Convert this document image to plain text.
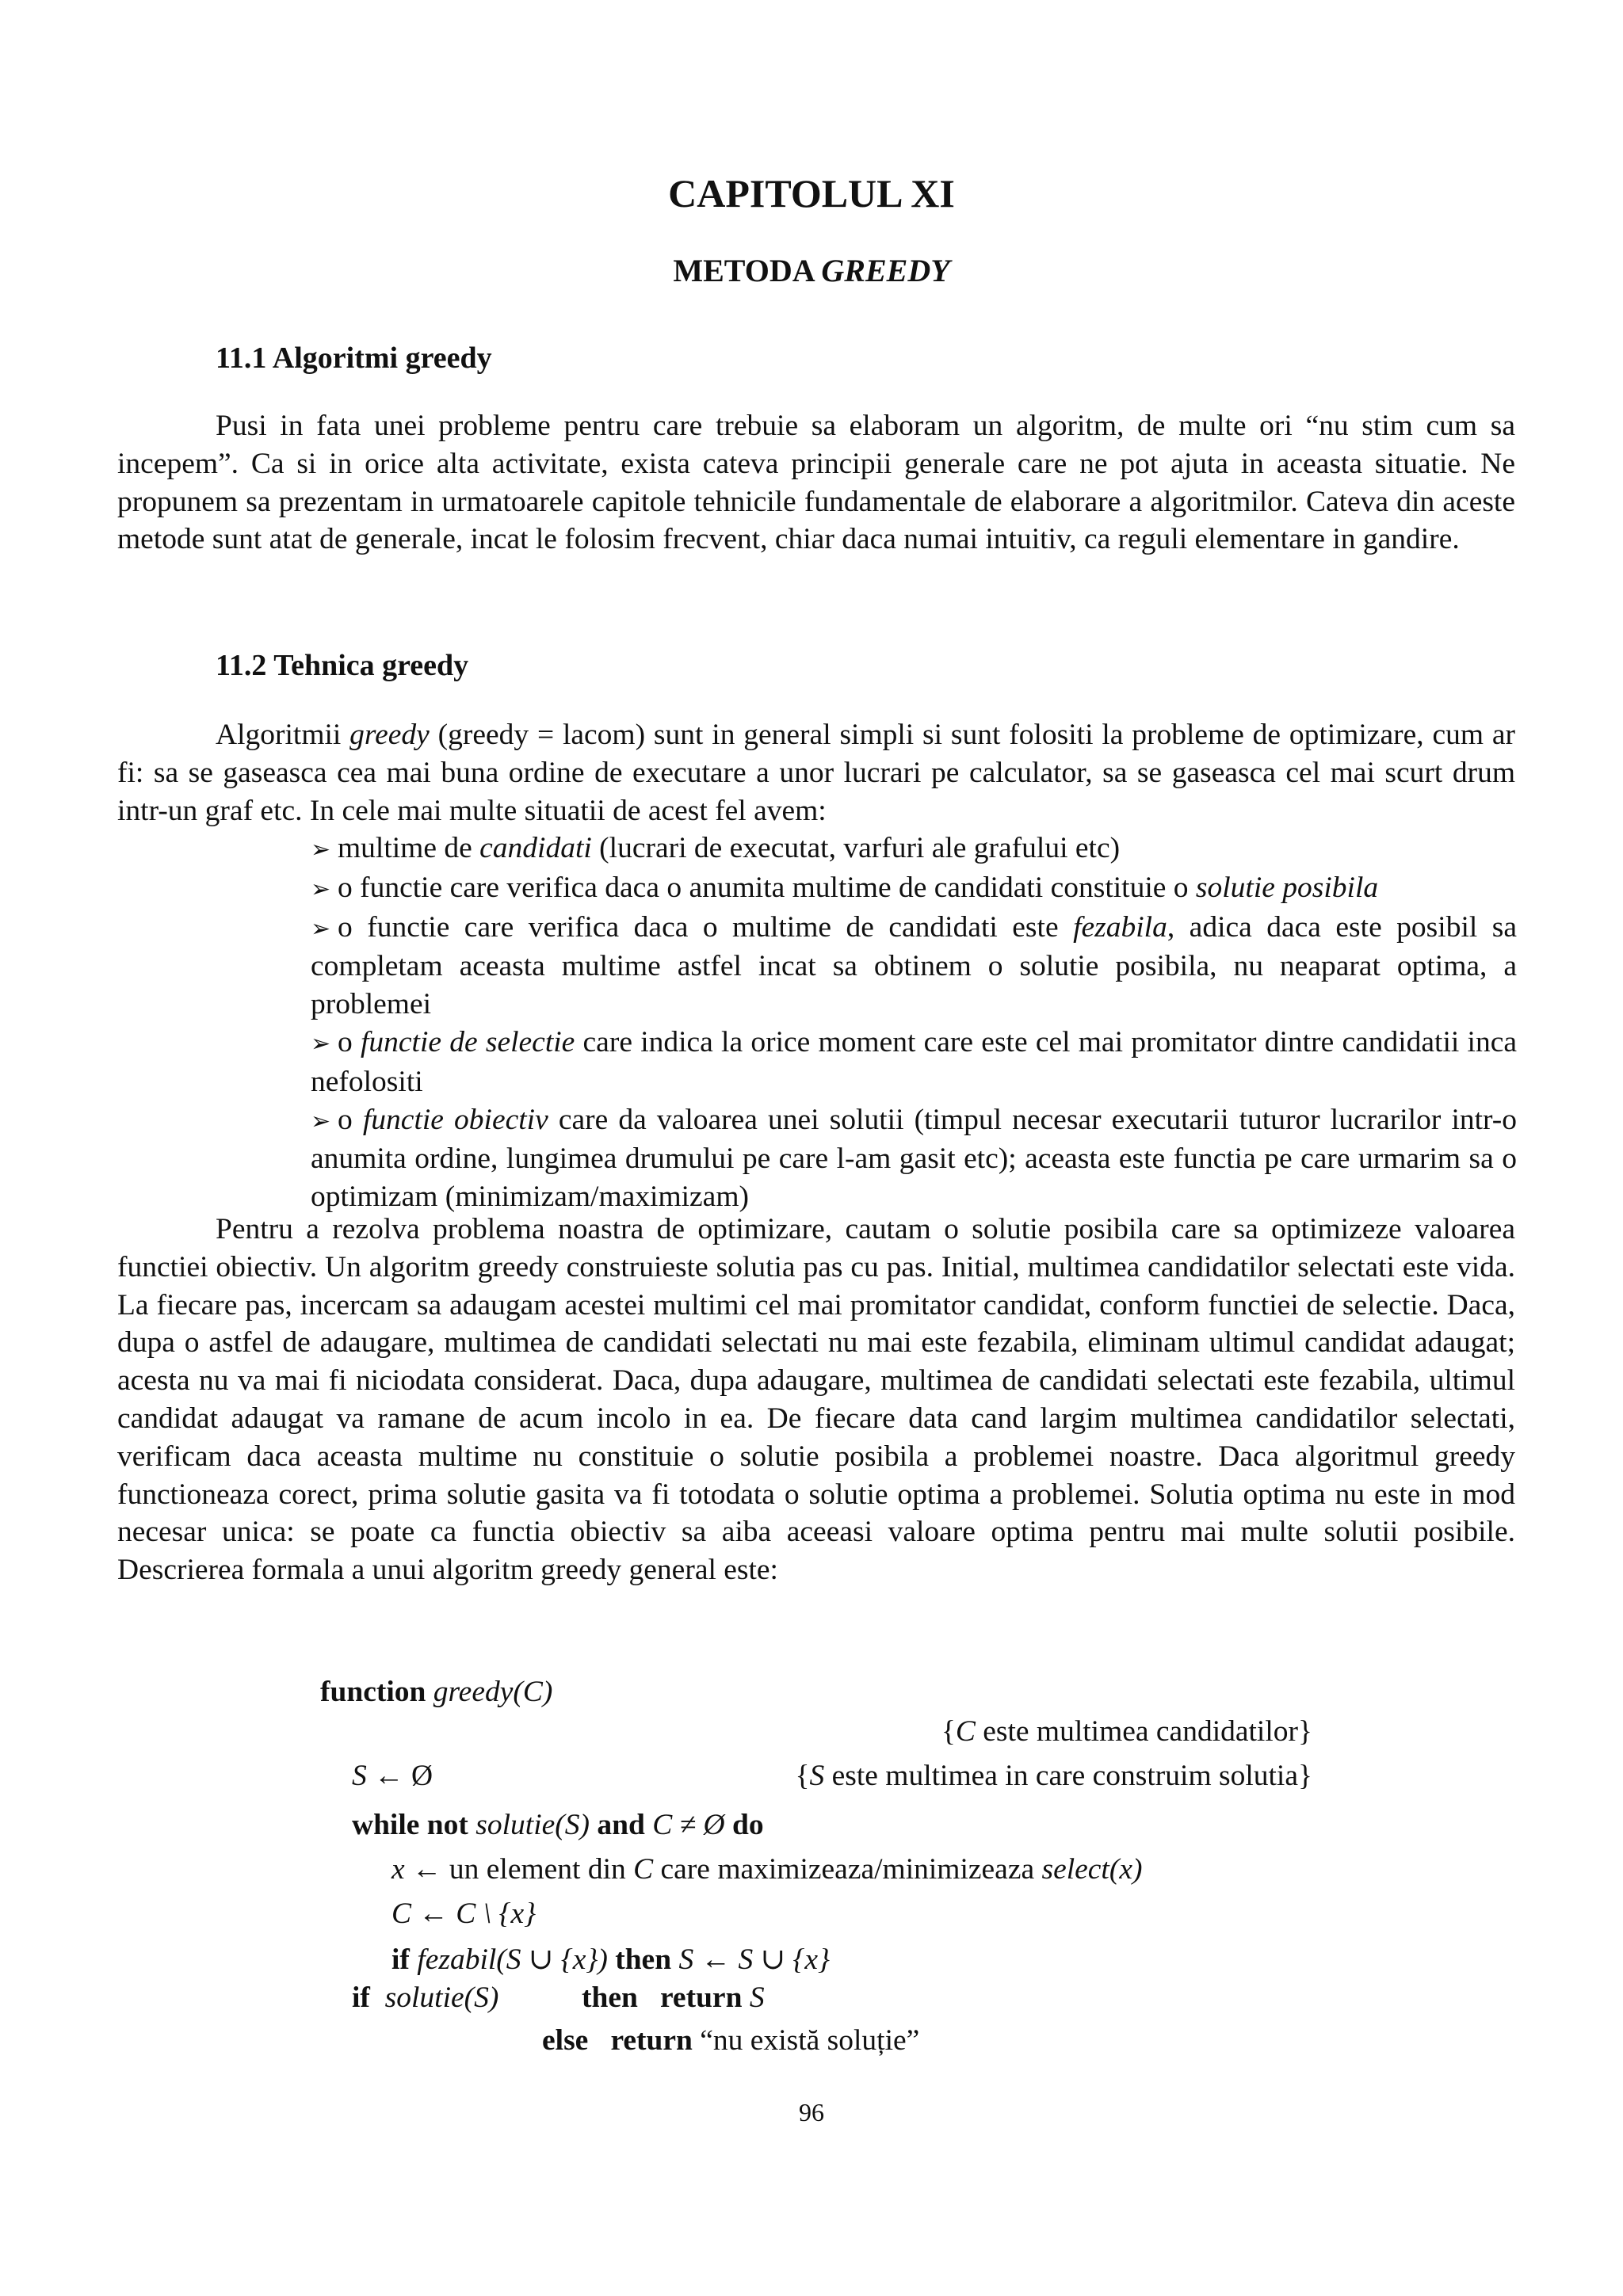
CAPITOLUL XI
METODA GREEDY
11.1 Algoritmi greedy

Pusi in fata unei probleme pentru care trebuie sa elaboram un algoritm, de multe ori “nu stim cum sa incepem”. Ca si in orice alta activitate, exista cateva principii generale care ne pot ajuta in aceasta situatie. Ne propunem sa prezentam in urmatoarele capitole tehnicile fundamentale de elaborare a algoritmilor. Cateva din aceste metode sunt atat de generale, incat le folosim frecvent, chiar daca numai intuitiv, ca reguli elementare in gandire.

11.2 Tehnica greedy

Algoritmii greedy (greedy = lacom) sunt in general simpli si sunt folositi la probleme de optimizare, cum ar fi: sa se gaseasca cea mai buna ordine de executare a unor lucrari pe calculator, sa se gaseasca cel mai scurt drum intr-un graf etc. In cele mai multe situatii de acest fel avem:

➢ multime de candidati (lucrari de executat, varfuri ale grafului etc)

➢ o functie care verifica daca o anumita multime de candidati constituie o solutie posibila

➢ o functie care verifica daca o multime de candidati este fezabila, adica daca este posibil sa completam aceasta multime astfel incat sa obtinem o solutie posibila, nu neaparat optima, a problemei

➢ o functie de selectie care indica la orice moment care este cel mai promitator dintre candidatii inca nefolositi

➢ o functie obiectiv care da valoarea unei solutii (timpul necesar executarii tuturor lucrarilor intr-o anumita ordine, lungimea drumului pe care l-am gasit etc); aceasta este functia pe care urmarim sa o optimizam (minimizam/maximizam)

Pentru a rezolva problema noastra de optimizare, cautam o solutie posibila care sa optimizeze valoarea functiei obiectiv. Un algoritm greedy construieste solutia pas cu pas. Initial, multimea candidatilor selectati este vida. La fiecare pas, incercam sa adaugam acestei multimi cel mai promitator candidat, conform functiei de selectie. Daca, dupa o astfel de adaugare, multimea de candidati selectati nu mai este fezabila, eliminam ultimul candidat adaugat; acesta nu va mai fi niciodata considerat. Daca, dupa adaugare, multimea de candidati selectati este fezabila, ultimul candidat adaugat va ramane de acum incolo in ea. De fiecare data cand largim multimea candidatilor selectati, verificam daca aceasta multime nu constituie o solutie posibila a problemei noastre. Daca algoritmul greedy functioneaza corect, prima solutie gasita va fi totodata o solutie optima a problemei. Solutia optima nu este in mod necesar unica: se poate ca functia obiectiv sa aiba aceeasi valoare optima pentru mai multe solutii posibile. Descrierea formala a unui algoritm greedy general este:

function greedy(C)
{C este multimea candidatilor}
S ← Ø	{S este multimea in care construim solutia}
while not solutie(S) and C ≠ Ø do
x ← un element din C care maximizeaza/minimizeaza select(x)
C ← C \ {x}
if fezabil(S ∪ {x}) then S ← S ∪ {x}
if solutie(S)	then return S
else return “nu există soluție”
96
